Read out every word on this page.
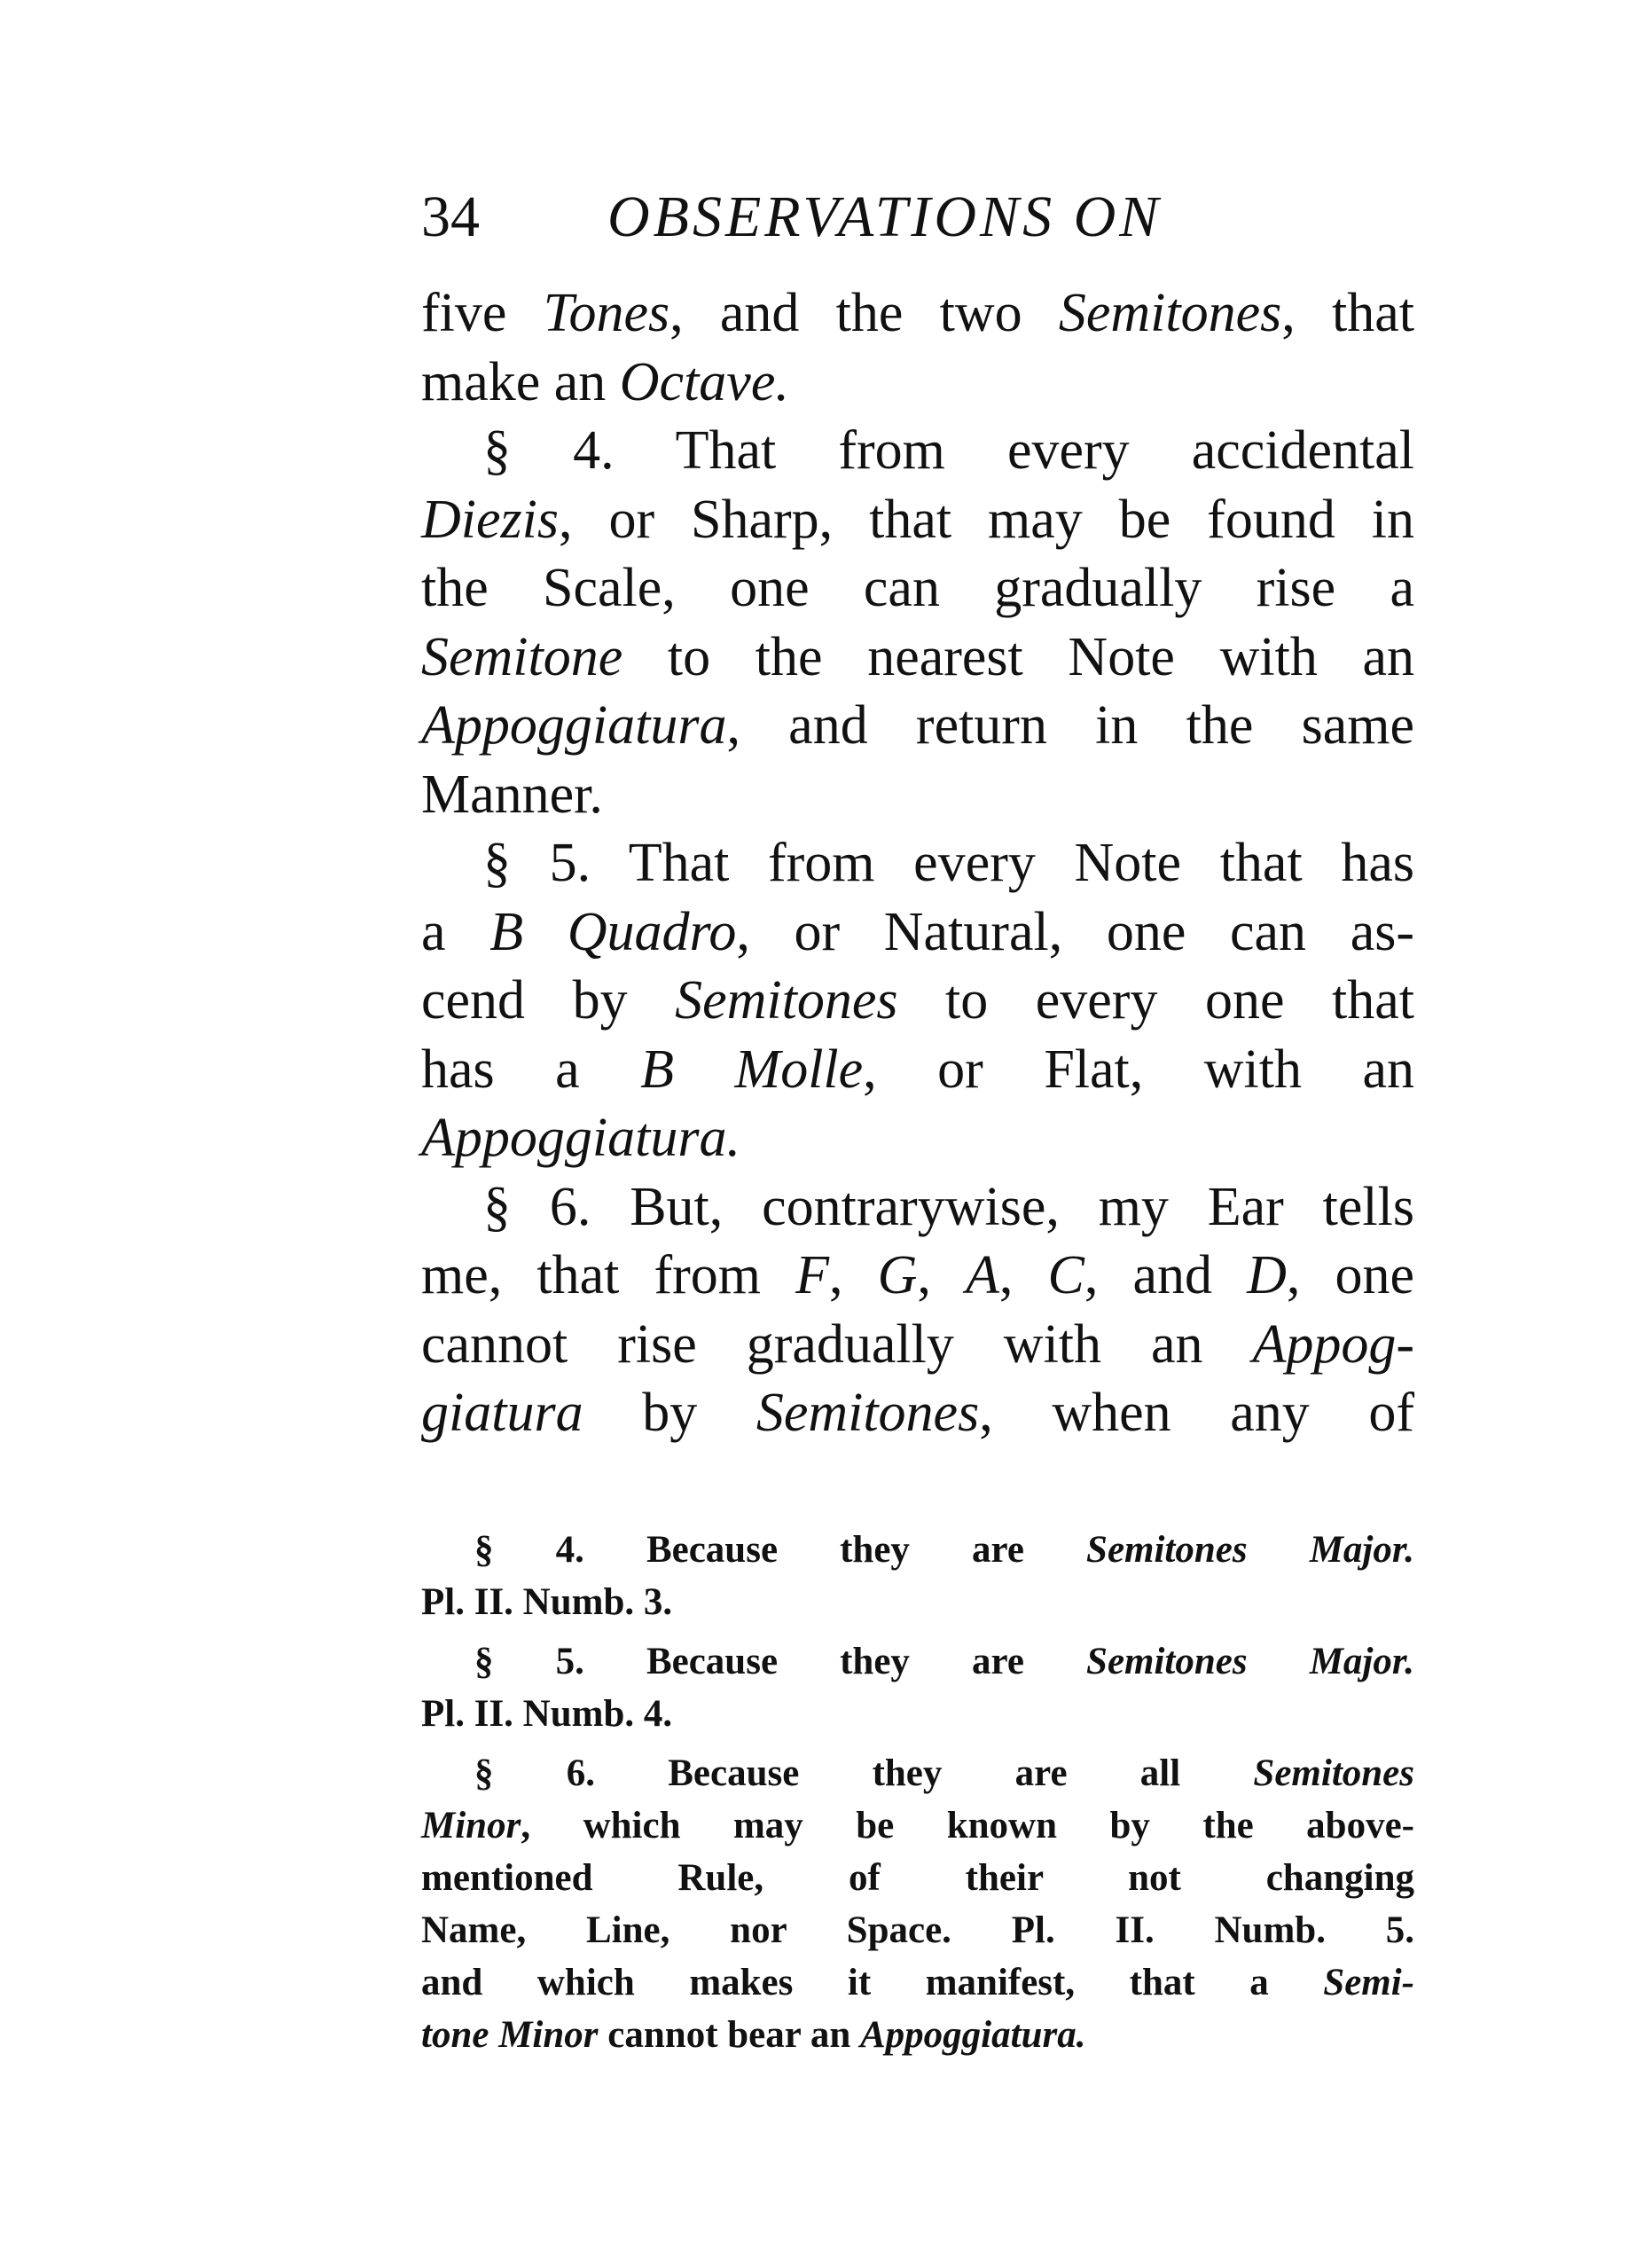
34 OBSERVATIONS ON

five Tones, and the two Semitones, that

make an Octave.

§ 4. That from every accidental

Diezis, or Sharp, that may be found in

the Scale, one can gradually rise a

Semitone to the nearest Note with an

Appoggiatura, and return in the same

Manner.

§ 5. That from every Note that has

a B Quadro, or Natural, one can as-

cend by Semitones to every one that

has a B Molle, or Flat, with an

Appoggiatura.

§ 6. But, contrarywise, my Ear tells

me, that from F, G, A, C, and D, one

cannot rise gradually with an Appog-

giatura by Semitones, when any of

§ 4. Because they are Semitones Major.

Pl. II. Numb. 3.

§ 5. Because they are Semitones Major.

Pl. II. Numb. 4.

§ 6. Because they are all Semitones

Minor, which may be known by the above-

mentioned Rule, of their not changing

Name, Line, nor Space. Pl. II. Numb. 5.

and which makes it manifest, that a Semi-

tone Minor cannot bear an Appoggiatura.
